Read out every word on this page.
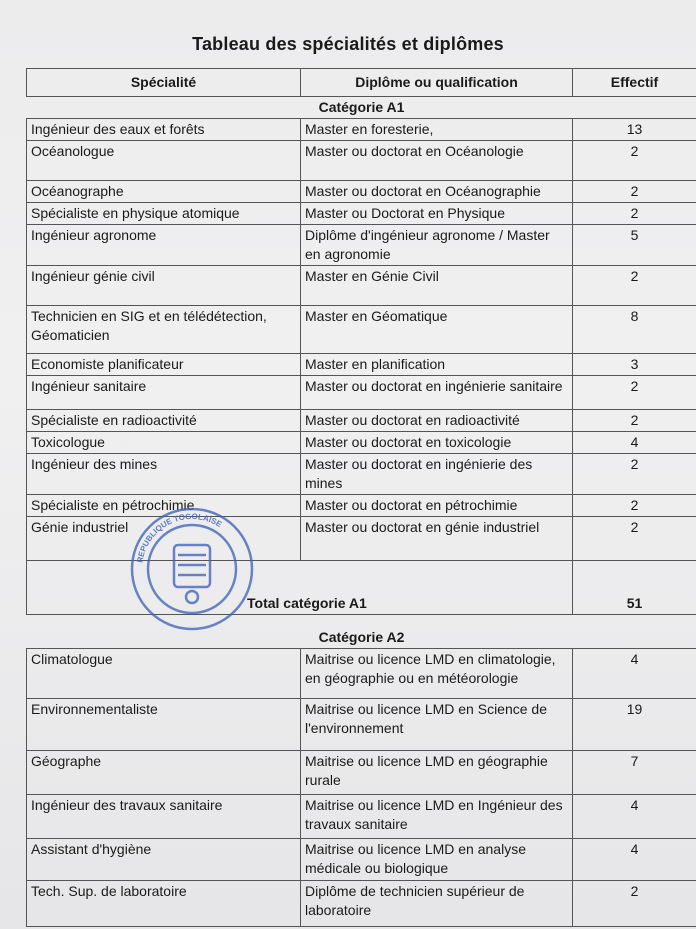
Tableau des spécialités et diplômes
Spécialité	Diplôme ou qualification	Effectif
Catégorie A1		
Ingénieur des eaux et forêts	Master en foresterie,	13
Océanologue	Master ou doctorat en Océanologie	2
Océanographe	Master ou doctorat en Océanographie	2
Spécialiste en physique atomique	Master ou Doctorat en Physique	2
Ingénieur agronome	Diplôme d'ingénieur agronome / Master en agronomie	5
Ingénieur génie civil	Master en Génie Civil	2
Technicien en SIG et en télédétection, Géomaticien	Master en Géomatique	8
Economiste planificateur	Master en planification	3
Ingénieur sanitaire	Master ou doctorat en ingénierie sanitaire	2
Spécialiste en radioactivité	Master ou doctorat en radioactivité	2
Toxicologue	Master ou doctorat en toxicologie	4
Ingénieur des mines	Master ou doctorat en ingénierie des mines	2
Spécialiste en pétrochimie	Master ou doctorat en pétrochimie	2
Génie industriel	Master ou doctorat en génie industriel	2
Total catégorie A1		51
Catégorie A2		
Climatologue	Maitrise ou licence LMD en climatologie, en géographie ou en météorologie	4
Environnementaliste	Maitrise ou licence LMD en Science de l'environnement	19
Géographe	Maitrise ou licence LMD en géographie rurale	7
Ingénieur des travaux sanitaire	Maitrise ou licence LMD en Ingénieur des travaux sanitaire	4
Assistant d'hygiène	Maitrise ou licence LMD en analyse médicale ou biologique	4
Tech. Sup. de laboratoire	Diplôme de technicien supérieur de laboratoire	2
REPUBLIQUE TOGOLAISE
